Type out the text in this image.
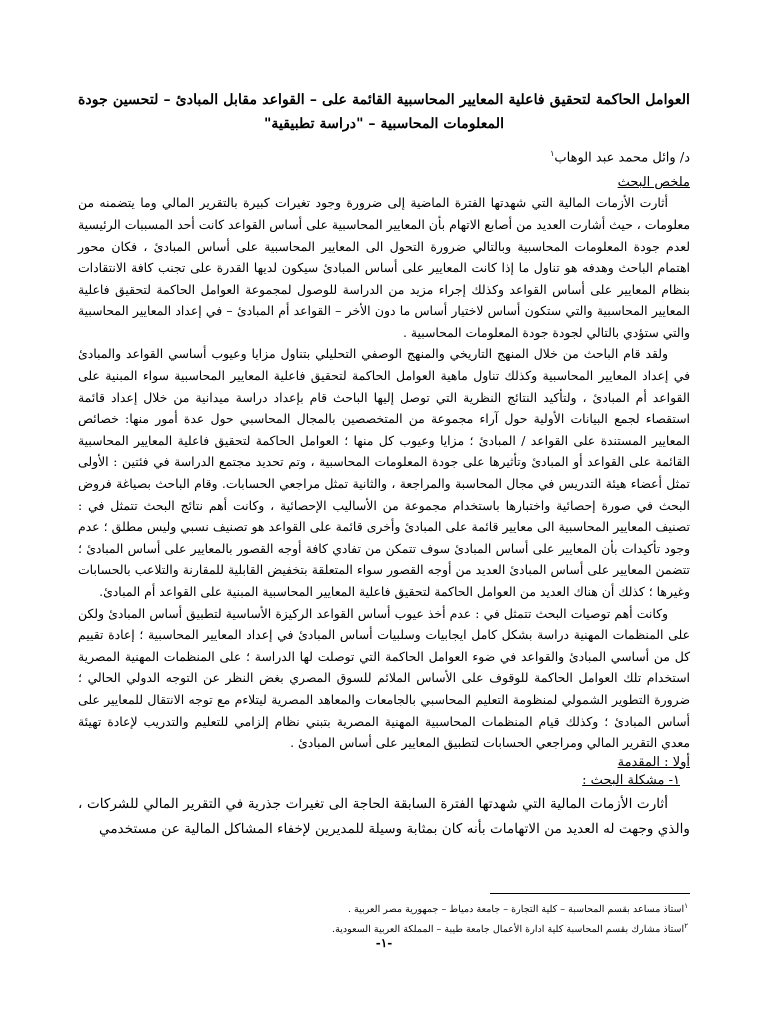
العوامل الحاكمة لتحقيق فاعلية المعايير المحاسبية القائمة على – القواعد مقابل المبادئ – لتحسين جودة المعلومات المحاسبية – "دراسة تطبيقية"

د/ وائل محمد عبد الوهاب$^١$

ملخص البحث

أثارت الأزمات المالية التي شهدتها الفترة الماضية إلى ضرورة وجود تغيرات كبيرة بالتقرير المالي وما يتضمنه من معلومات ، حيث أشارت العديد من أصابع الاتهام بأن المعايير المحاسبية على أساس القواعد كانت أحد المسببات الرئيسية لعدم جودة المعلومات المحاسبية وبالتالي ضرورة التحول الى المعايير المحاسبية على أساس المبادئ ، فكان محور اهتمام الباحث وهدفه هو تناول ما إذا كانت المعايير على أساس المبادئ سيكون لديها القدرة على تجنب كافة الانتقادات بنظام المعايير على أساس القواعد وكذلك إجراء مزيد من الدراسة للوصول لمجموعة العوامل الحاكمة لتحقيق فاعلية المعايير المحاسبية والتي ستكون أساس لاختيار أساس ما دون الأخر – القواعد أم المبادئ – في إعداد المعايير المحاسبية والتي ستؤدي بالتالي لجودة جودة المعلومات المحاسبية .

ولقد قام الباحث من خلال المنهج التاريخي والمنهج الوصفي التحليلي بتناول مزايا وعيوب أساسي القواعد والمبادئ في إعداد المعايير المحاسبية وكذلك تناول ماهية العوامل الحاكمة لتحقيق فاعلية المعايير المحاسبية سواء المبنية على القواعد أم المبادئ ، ولتأكيد النتائج النظرية التي توصل إليها الباحث قام بإعداد دراسة ميدانية من خلال إعداد قائمة استقصاء لجمع البيانات الأولية حول آراء مجموعة من المتخصصين بالمجال المحاسبي حول عدة أمور منها: خصائص المعايير المستندة على القواعد / المبادئ ؛ مزايا وعيوب كل منها ؛ العوامل الحاكمة لتحقيق فاعلية المعايير المحاسبية القائمة على القواعد أو المبادئ وتأثيرها على جودة المعلومات المحاسبية ، وتم تحديد مجتمع الدراسة في فئتين : الأولى تمثل أعضاء هيئة التدريس في مجال المحاسبة والمراجعة ، والثانية تمثل مراجعي الحسابات. وقام الباحث بصياغة فروض البحث في صورة إحصائية واختبارها باستخدام مجموعة من الأساليب الإحصائية ، وكانت أهم نتائج البحث تتمثل في : تصنيف المعايير المحاسبية الى معايير قائمة على المبادئ وأخرى قائمة على القواعد هو تصنيف نسبي وليس مطلق ؛ عدم وجود تأكيدات بأن المعايير على أساس المبادئ سوف تتمكن من تفادي كافة أوجه القصور بالمعايير على أساس المبادئ ؛ تتضمن المعايير على أساس المبادئ العديد من أوجه القصور سواء المتعلقة بتخفيض القابلية للمقارنة والتلاعب بالحسابات وغيرها ؛ كذلك أن هناك العديد من العوامل الحاكمة لتحقيق فاعلية المعايير المحاسبية المبنية على القواعد أم المبادئ.

وكانت أهم توصيات البحث تتمثل في : عدم أخذ عيوب أساس القواعد الركيزة الأساسية لتطبيق أساس المبادئ ولكن على المنظمات المهنية دراسة بشكل كامل ايجابيات وسلبيات أساس المبادئ في إعداد المعايير المحاسبية ؛ إعادة تقييم كل من أساسي المبادئ والقواعد في ضوء العوامل الحاكمة التي توصلت لها الدراسة ؛ على المنظمات المهنية المصرية استخدام تلك العوامل الحاكمة للوقوف على الأساس الملائم للسوق المصري بغض النظر عن التوجه الدولي الحالي ؛ ضرورة التطوير الشمولي لمنظومة التعليم المحاسبي بالجامعات والمعاهد المصرية ليتلاءم مع توجه الانتقال للمعايير على أساس المبادئ ؛ وكذلك قيام المنظمات المحاسبية المهنية المصرية بتبني نظام إلزامي للتعليم والتدريب لإعادة تهيئة معدي التقرير المالي ومراجعي الحسابات لتطبيق المعايير على أساس المبادئ .

أولا : المقدمة

١- مشكلة البحث :

أثارت الأزمات المالية التي شهدتها الفترة السابقة الحاجة الى تغيرات جذرية في التقرير المالي للشركات ، والذي وجهت له العديد من الاتهامات بأنه كان بمثابة وسيلة للمديرين لإخفاء المشاكل المالية عن مستخدمي

$^١$استاذ مساعد بقسم المحاسبة – كلية التجارة – جامعة دمياط – جمهورية مصر العربية .
$^٢$استاذ مشارك بقسم المحاسبة كلية ادارة الأعمال جامعة طيبة – المملكة العربية السعودية.
-١-
